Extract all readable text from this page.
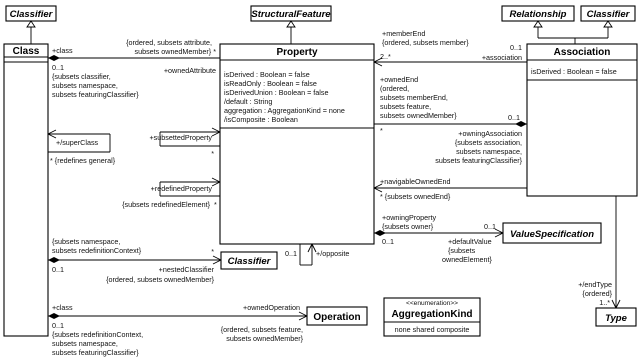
Classifier	StructuralFeature	Relationship Classifier
Class	Property
isDerived : Boolean = false
isReadOnly : Boolean = false
isDerivedUnion : Boolean = false
/default : String
aggregation : AggregationKind = none
/isComposite : Boolean
Association
isDerived : Boolean = false
Classifier
Operation
ValueSpecification
<<enumeration>>
AggregationKind
none shared composite
Type
+class
{ordered, subsets attribute,
subsets ownedMember} *
+ownedAttribute
0..1
{subsets classifier,
subsets namespace,
subsets featuringClassifier}
+/superClass
* {redefines general}
+subsettedProperty
*
+redefinedProperty
{subsets redefinedElement} *
{subsets namespace,
subsets redefinitionContext}	*
0..1	+nestedClassifier
{ordered, subsets ownedMember}
0..1	+/opposite
+class	+ownedOperation
0..1
{subsets redefinitionContext,
subsets namespace,
subsets featuringClassifier}
{ordered, subsets feature,
subsets ownedMember}
+memberEnd
{ordered, subsets member}
0..1
2..*	+association
+ownedEnd
(ordered,
subsets memberEnd,
subsets feature,
subsets ownedMember}	0..1
*	+owningAssociation
{subsets association,
subsets namespace,
subsets featuringClassifier}
+navigableOwnedEnd
* {subsets ownedEnd}
+owningProperty
{subsets owner}	0..1
0..1	+defaultValue
{subsets
ownedElement}
+/endType
{ordered}
1..*
